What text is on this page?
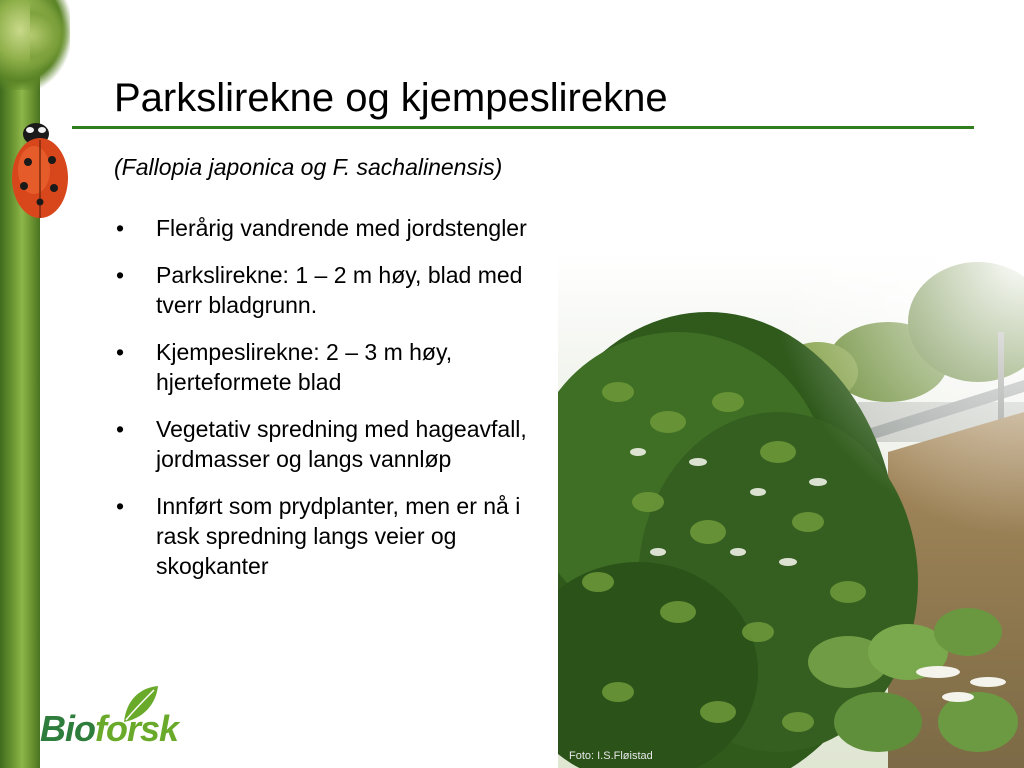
Parkslirekne og kjempeslirekne

(Fallopia japonica og F. sachalinensis)

• Flerårig vandrende med jordstengler
• Parkslirekne: 1 – 2 m høy, blad med tverr bladgrunn.
• Kjempeslirekne: 2 – 3 m høy, hjerteformete blad
• Vegetativ spredning med hageavfall, jordmasser og langs vannløp
• Innført som prydplanter, men er nå i rask spredning langs veier og skogkanter
Foto: I.S.Fløistad
Bioforsk
